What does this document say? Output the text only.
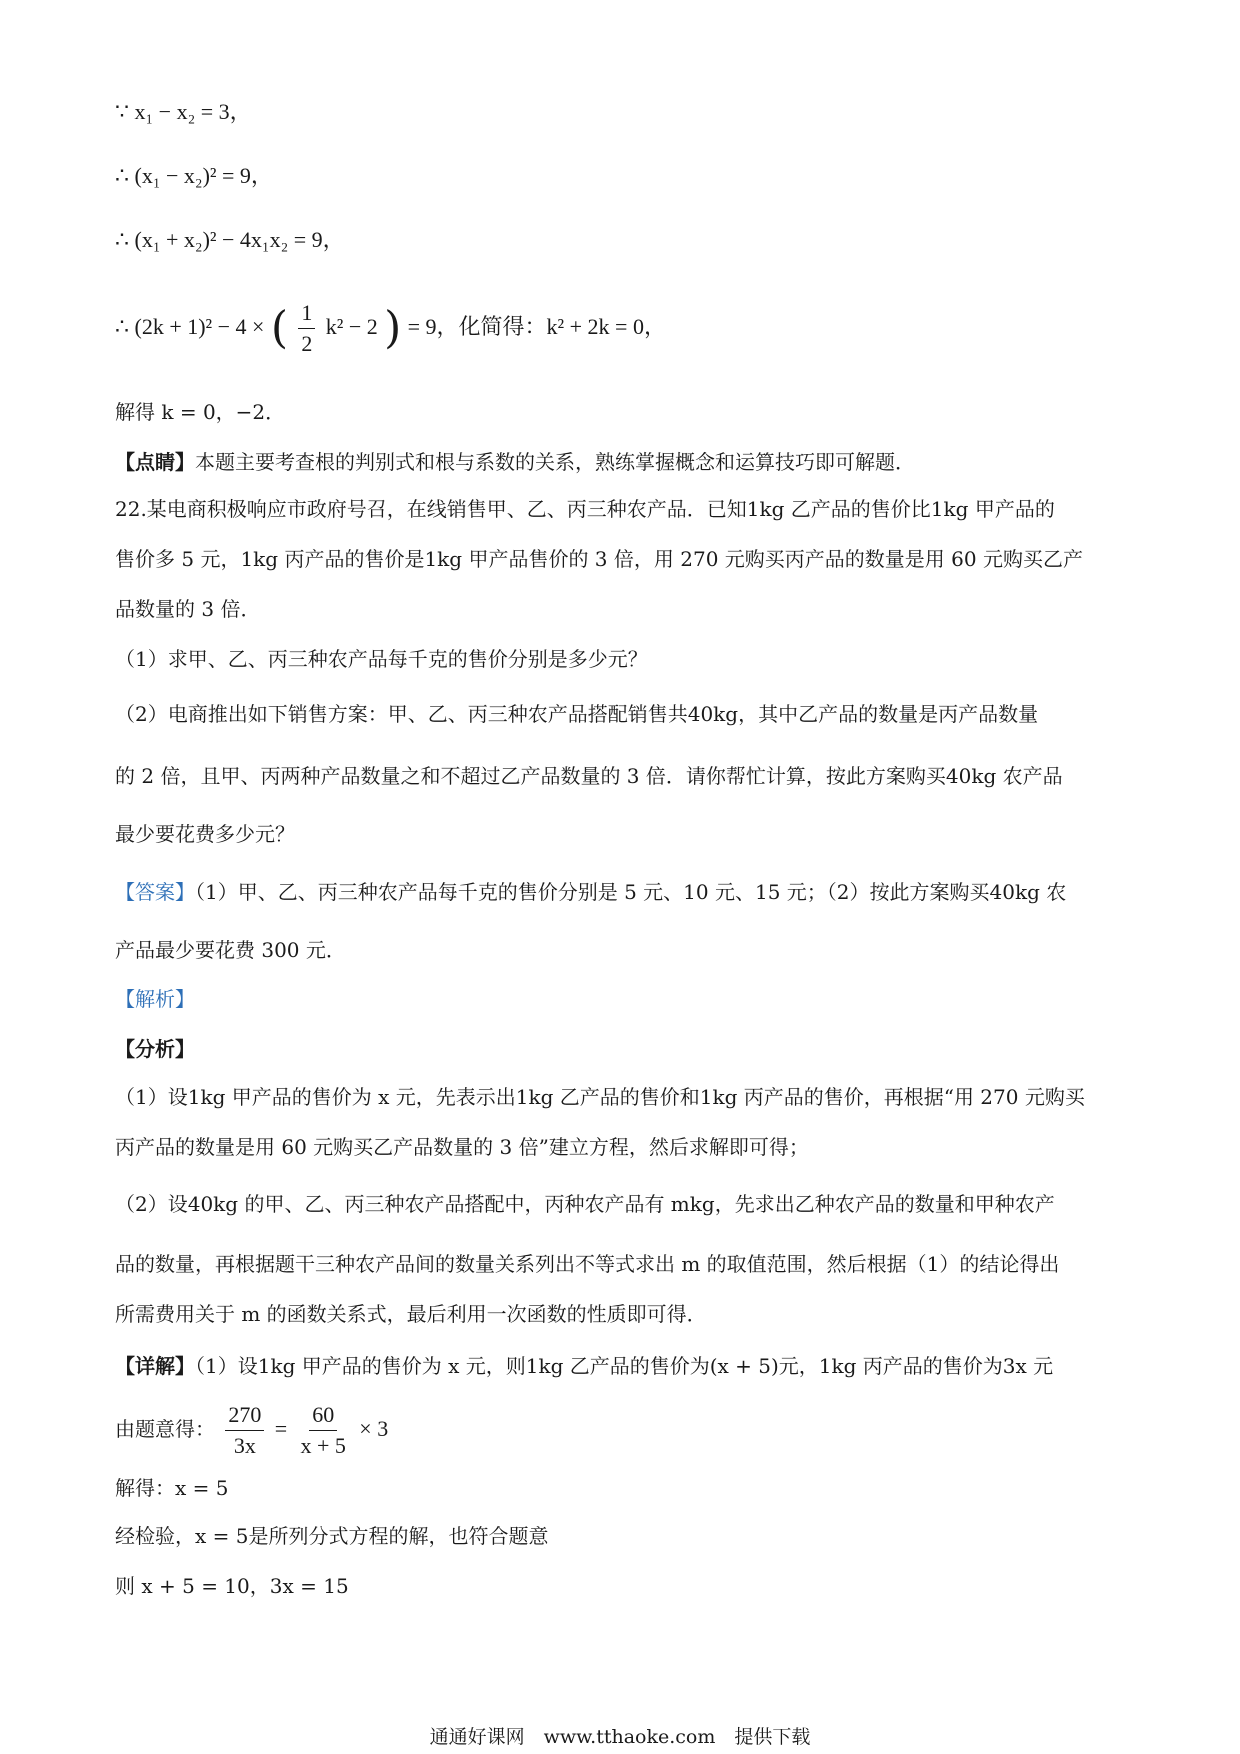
∵ x₁ − x₂ = 3，
∴ (x₁ − x₂)² = 9，
∴ (x₁ + x₂)² − 4x₁x₂ = 9，
∴ (2k + 1)² − 4 × ( $\frac{1}{2} k^2 - 2$ ) = 9，化简得：k² + 2k = 0，
解得 k = 0，−2．
【点睛】本题主要考查根的判别式和根与系数的关系，熟练掌握概念和运算技巧即可解题．
22.某电商积极响应市政府号召，在线销售甲、乙、丙三种农产品．已知1kg 乙产品的售价比1kg 甲产品的
售价多 5 元，1kg 丙产品的售价是1kg 甲产品售价的 3 倍，用 270 元购买丙产品的数量是用 60 元购买乙产
品数量的 3 倍．
（1）求甲、乙、丙三种农产品每千克的售价分别是多少元？
（2）电商推出如下销售方案：甲、乙、丙三种农产品搭配销售共40kg，其中乙产品的数量是丙产品数量
的 2 倍，且甲、丙两种产品数量之和不超过乙产品数量的 3 倍．请你帮忙计算，按此方案购买40kg 农产品
最少要花费多少元？
【答案】（1）甲、乙、丙三种农产品每千克的售价分别是 5 元、10 元、15 元；（2）按此方案购买40kg 农
产品最少要花费 300 元．
【解析】
【分析】
（1）设1kg 甲产品的售价为 x 元，先表示出1kg 乙产品的售价和1kg 丙产品的售价，再根据“用 270 元购买
丙产品的数量是用 60 元购买乙产品数量的 3 倍”建立方程，然后求解即可得；
（2）设40kg 的甲、乙、丙三种农产品搭配中，丙种农产品有 mkg，先求出乙种农产品的数量和甲种农产
品的数量，再根据题干三种农产品间的数量关系列出不等式求出 m 的取值范围，然后根据（1）的结论得出
所需费用关于 m 的函数关系式，最后利用一次函数的性质即可得．
【详解】（1）设1kg 甲产品的售价为 x 元，则1kg 乙产品的售价为(x + 5)元，1kg 丙产品的售价为3x 元
由题意得： $\frac{270}{3x} = \frac{60}{x + 5} \times 3$
解得：x = 5
经检验，x = 5是所列分式方程的解，也符合题意
则 x + 5 = 10，3x = 15
通通好课网　www.tthaoke.com　提供下载
